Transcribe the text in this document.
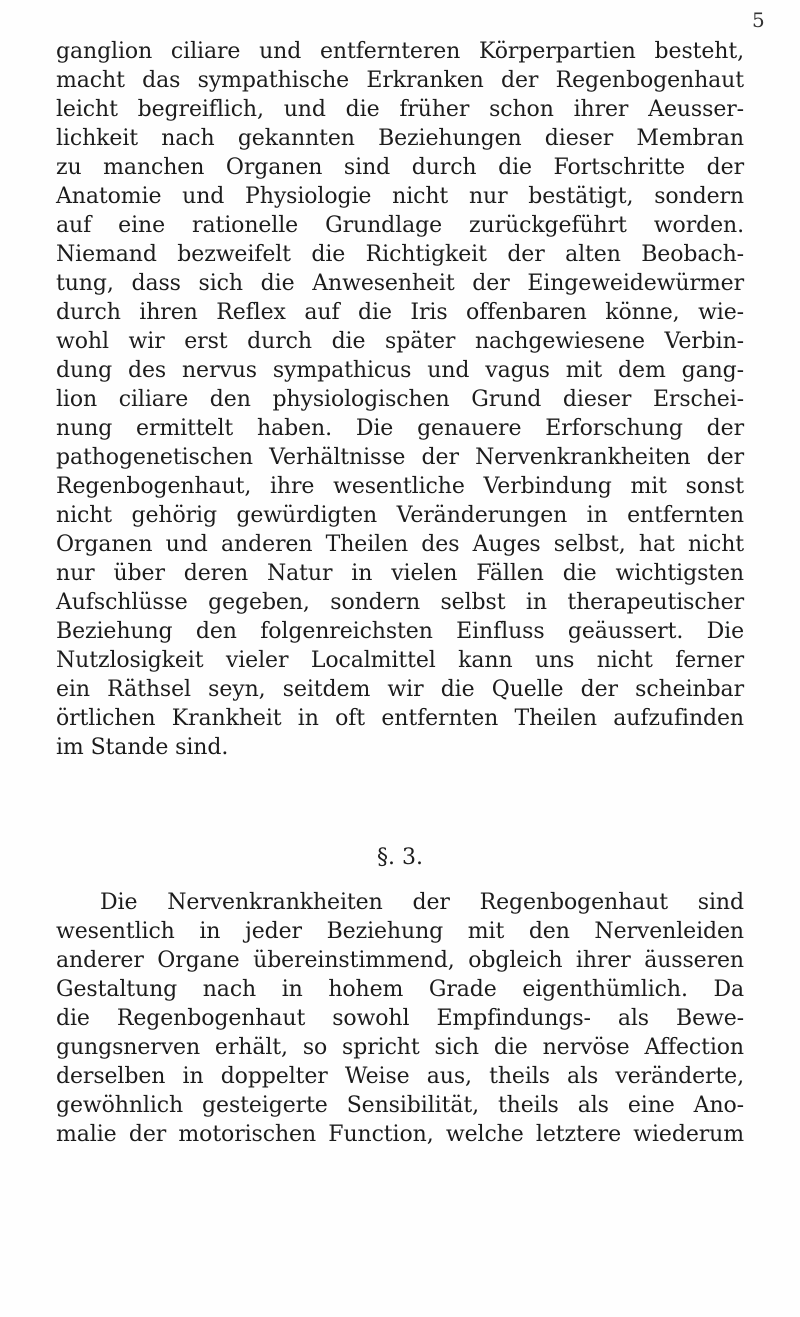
5
ganglion ciliare und entfernteren Körperpartien besteht,
macht das sympathische Erkranken der Regenbogenhaut
leicht begreiflich, und die früher schon ihrer Aeusser-
lichkeit nach gekannten Beziehungen dieser Membran
zu manchen Organen sind durch die Fortschritte der
Anatomie und Physiologie nicht nur bestätigt, sondern
auf eine rationelle Grundlage zurückgeführt worden.
Niemand bezweifelt die Richtigkeit der alten Beobach-
tung, dass sich die Anwesenheit der Eingeweidewürmer
durch ihren Reflex auf die Iris offenbaren könne, wie-
wohl wir erst durch die später nachgewiesene Verbin-
dung des nervus sympathicus und vagus mit dem gang-
lion ciliare den physiologischen Grund dieser Erschei-
nung ermittelt haben. Die genauere Erforschung der
pathogenetischen Verhältnisse der Nervenkrankheiten der
Regenbogenhaut, ihre wesentliche Verbindung mit sonst
nicht gehörig gewürdigten Veränderungen in entfernten
Organen und anderen Theilen des Auges selbst, hat nicht
nur über deren Natur in vielen Fällen die wichtigsten
Aufschlüsse gegeben, sondern selbst in therapeutischer
Beziehung den folgenreichsten Einfluss geäussert. Die
Nutzlosigkeit vieler Localmittel kann uns nicht ferner
ein Räthsel seyn, seitdem wir die Quelle der scheinbar
örtlichen Krankheit in oft entfernten Theilen aufzufinden
im Stande sind.
§. 3.
Die Nervenkrankheiten der Regenbogenhaut sind
wesentlich in jeder Beziehung mit den Nervenleiden
anderer Organe übereinstimmend, obgleich ihrer äusseren
Gestaltung nach in hohem Grade eigenthümlich. Da
die Regenbogenhaut sowohl Empfindungs- als Bewe-
gungsnerven erhält, so spricht sich die nervöse Affection
derselben in doppelter Weise aus, theils als veränderte,
gewöhnlich gesteigerte Sensibilität, theils als eine Ano-
malie der motorischen Function, welche letztere wiederum
